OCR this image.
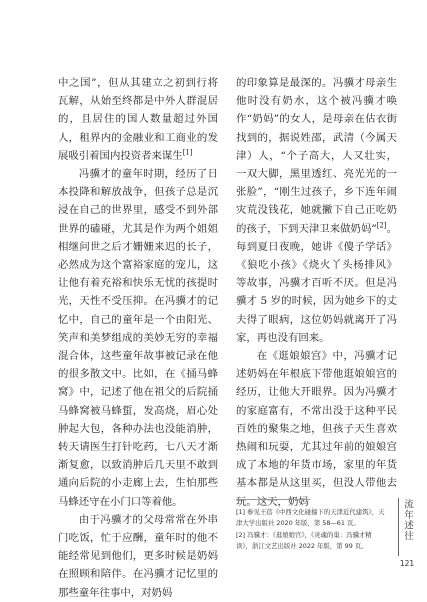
中之国”，但从其建立之初到行将瓦解，从始至终都是中外人群混居的，且居住的国人数量超过外国人，租界内的金融业和工商业的发展吸引着国内投资者来谋生[1]

冯骥才的童年时期，经历了日本投降和解放战争，但孩子总是沉浸在自己的世界里，感受不到外部世界的磕碰，尤其是作为两个姐姐相继问世之后才姗姗来迟的长子，必然成为这个富裕家庭的宠儿，这让他有着充裕和快乐无忧的孩提时光，天性不受压抑。在冯骥才的记忆中，自己的童年是一个由阳光、笑声和美梦组成的美妙无穷的幸福混合体，这些童年故事被记录在他的很多散文中。比如，在《捅马蜂窝》中，记述了他在祖父的后院捅马蜂窝被马蜂蜇，发高烧，眉心处肿起大包，各种办法也没能消肿，转天请医生打针吃药，七八天才渐渐复愈，以致消肿后几天里不敢到通向后院的小走廊上去，生怕那些马蜂还守在小门口等着他。

由于冯骥才的父母常常在外串门吃饭，忙于应酬，童年时的他不能经常见到他们，更多时候是奶妈在照顾和陪伴。在冯骥才记忆里的那些童年往事中，对奶妈

的印象算是最深的。冯骥才母亲生他时没有奶水，这个被冯骥才唤作“奶妈”的女人，是母亲在估衣街找到的，据说姓邵，武清（今属天津）人，“个子高大，人又壮实，一双大脚，黑里透红、亮光光的一张脸”，“刚生过孩子，乡下连年闹灾荒没钱花，她就撇下自己正吃奶的孩子，下到天津卫来做奶妈”[2]。每到夏日夜晚，她讲《傻子学话》《狼吃小孩》《烧火丫头杨排风》等故事，冯骥才百听不厌。但是冯骥才 5 岁的时候，因为她乡下的丈夫得了眼病，这位奶妈就离开了冯家，再也没有回来。

在《逛娘娘宫》中，冯骥才记述奶妈在年根底下带他逛娘娘宫的经历，让他大开眼界。因为冯骥才的家庭富有，不常出没于这种平民百姓的聚集之地，但孩子天生喜欢热闹和玩耍，尤其过年前的娘娘宫成了本地的年货市场，家里的年货基本都是从这里买，但没人带他去玩。这天，奶妈

[1] 参见王蓓《中西文化碰撞下的天津近代建筑》，天津大学出版社 2020 年版，第 58—61 页。

[2] 冯骥才：《逛娘娘宫》，《灵魂的巢：冯骥才精读》，浙江文艺出版社 2022 年版，第 99 页。

流年述往
121
